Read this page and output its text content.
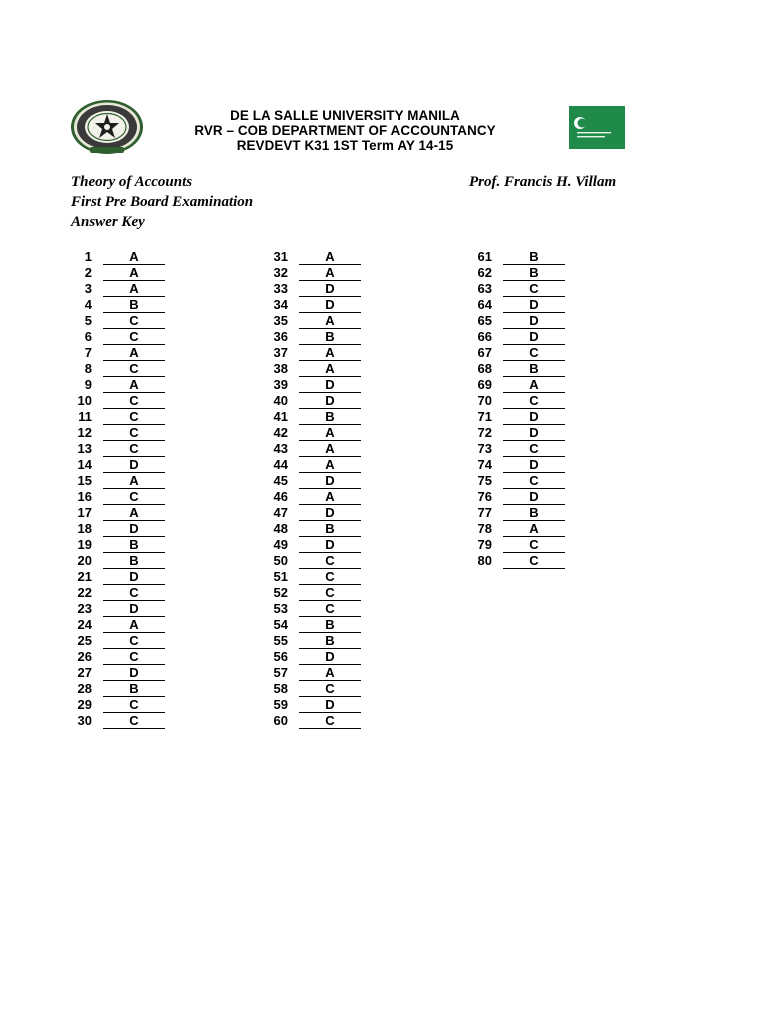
DE LA SALLE UNIVERSITY MANILA
RVR – COB DEPARTMENT OF ACCOUNTANCY
REVDEVT K31 1ST Term AY 14-15
Theory of Accounts
First Pre Board Examination
Answer Key
Prof. Francis H. Villam
1	A
2	A
3	A
4	B
5	C
6	C
7	A
8	C
9	A
10	C
11	C
12	C
13	C
14	D
15	A
16	C
17	A
18	D
19	B
20	B
21	D
22	C
23	D
24	A
25	C
26	C
27	D
28	B
29	C
30	C
31	A
32	A
33	D
34	D
35	A
36	B
37	A
38	A
39	D
40	D
41	B
42	A
43	A
44	A
45	D
46	A
47	D
48	B
49	D
50	C
51	C
52	C
53	C
54	B
55	B
56	D
57	A
58	C
59	D
60	C
61	B
62	B
63	C
64	D
65	D
66	D
67	C
68	B
69	A
70	C
71	D
72	D
73	C
74	D
75	C
76	D
77	B
78	A
79	C
80	C
